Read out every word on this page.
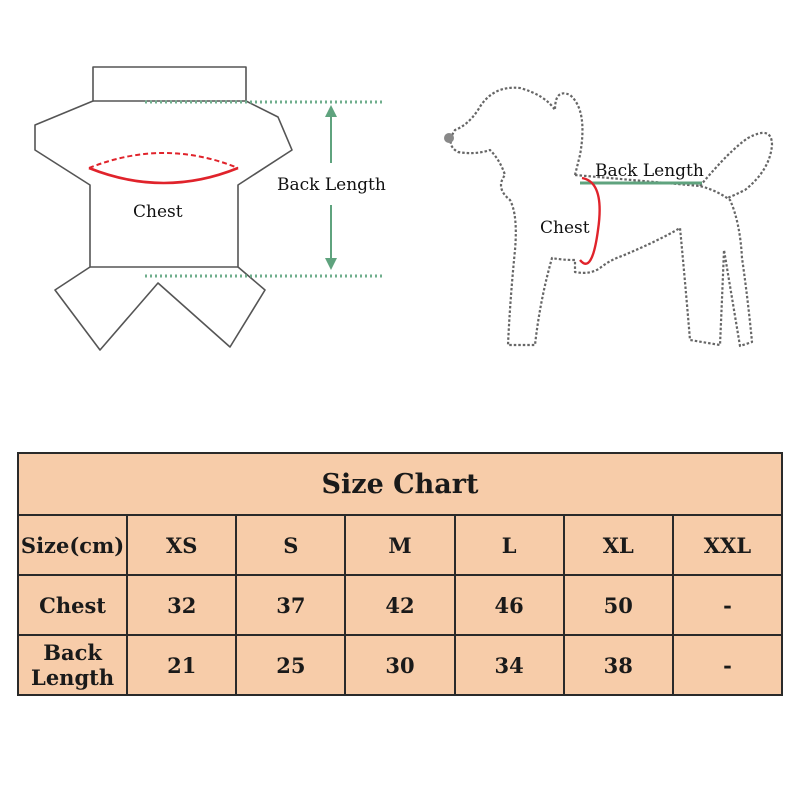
Chest
Back Length
Back Length
Chest
Size Chart						
Size(cm)	XS	S	M	L	XL	XXL
Chest	32	37	42	46	50	-
Back Length	21	25	30	34	38	-
